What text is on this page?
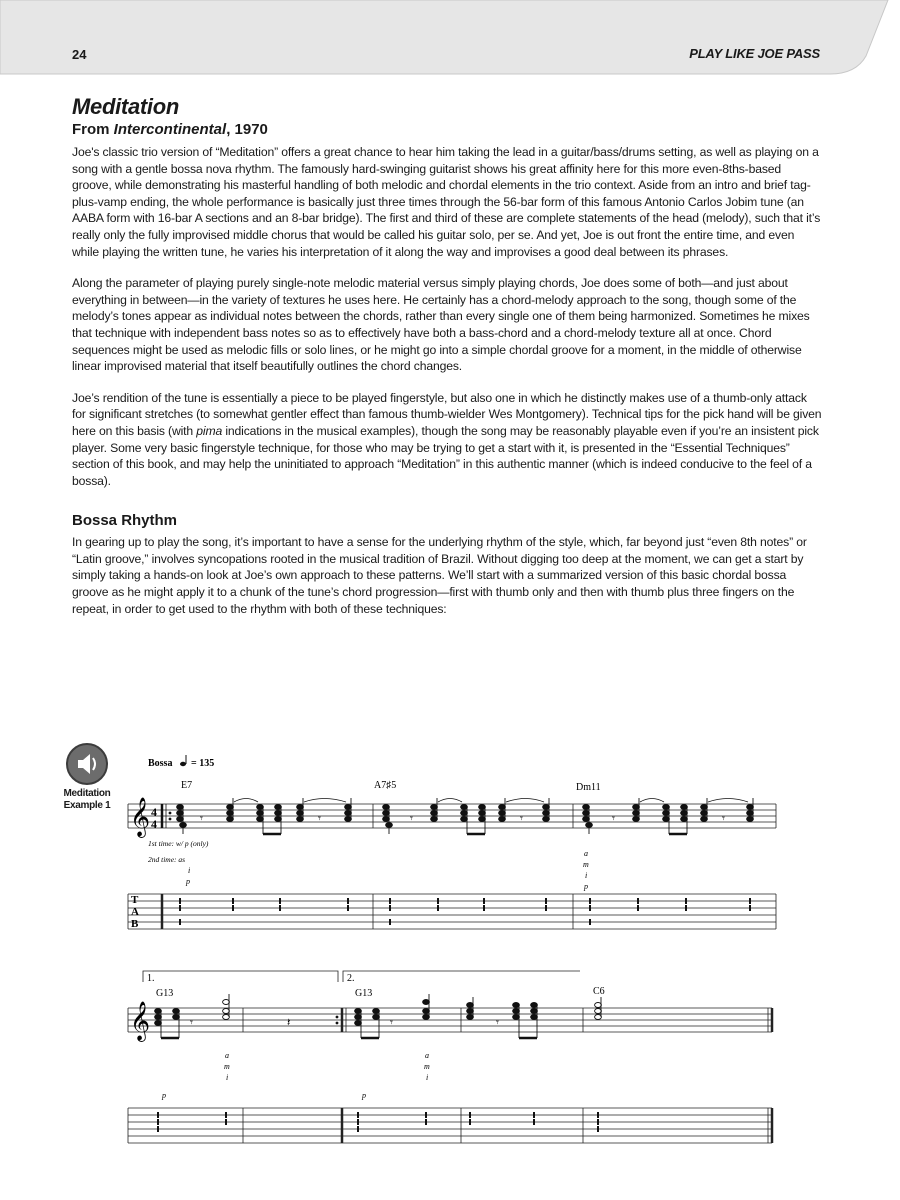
24	PLAY LIKE JOE PASS
Meditation
From Intercontinental, 1970

Joe's classic trio version of “Meditation” offers a great chance to hear him taking the lead in a guitar/bass/drums setting, as well as playing on a song with a gentle bossa nova rhythm. The famously hard-swinging guitarist shows his great affinity here for this more even-8ths-based groove, while demonstrating his masterful handling of both melodic and chordal elements in the trio context. Aside from an intro and brief tag-plus-vamp ending, the whole performance is basically just three times through the 56-bar form of this famous Antonio Carlos Jobim tune (an AABA form with 16-bar A sections and an 8-bar bridge). The first and third of these are complete statements of the head (melody), such that it’s really only the fully improvised middle chorus that would be called his guitar solo, per se. And yet, Joe is out front the entire time, and even while playing the written tune, he varies his interpretation of it along the way and improvises a good deal between its phrases.

Along the parameter of playing purely single-note melodic material versus simply playing chords, Joe does some of both—and just about everything in between—in the variety of textures he uses here. He certainly has a chord-melody approach to the song, though some of the melody’s tones appear as individual notes between the chords, rather than every single one of them being harmonized. Sometimes he mixes that technique with independent bass notes so as to effectively have both a bass-chord and a chord-melody texture all at once. Chord sequences might be used as melodic fills or solo lines, or he might go into a simple chordal groove for a moment, in the middle of otherwise linear improvised material that itself beautifully outlines the chord changes.

Joe’s rendition of the tune is essentially a piece to be played fingerstyle, but also one in which he distinctly makes use of a thumb-only attack for significant stretches (to somewhat gentler effect than famous thumb-wielder Wes Montgomery). Technical tips for the pick hand will be given here on this basis (with pima indications in the musical examples), though the song may be reasonably playable even if you’re an insistent pick player. Some very basic fingerstyle technique, for those who may be trying to get a start with it, is presented in the “Essential Techniques” section of this book, and may help the uninitiated to approach “Meditation” in this authentic manner (which is indeed conducive to the feel of a bossa).

Bossa Rhythm

In gearing up to play the song, it’s important to have a sense for the underlying rhythm of the style, which, far beyond just “even 8th notes” or “Latin groove,” involves syncopations rooted in the musical tradition of Brazil. Without digging too deep at the moment, we can get a start by simply taking a hands-on look at Joe’s own approach to these patterns. We’ll start with a summarized version of this basic chordal bossa groove as he might apply it to a chunk of the tune’s chord progression—first with thumb only and then with thumb plus three fingers on the repeat, in order to get used to the rhythm with both of these techniques:

Meditation
Example 1
Bossa = 135
E7	A7♯5	Dm11
𝄞 4
4	𝄾	𝄾	𝄾	𝄾	𝄾	𝄾
1st time: w/ p (only)
2nd time: as
i
p
a
m
i
p
T
A
B
1.	2.
G13	G13	C6
𝄞	𝄾	𝄽	𝄾	𝄾
a
m
i
p
a
m
i
p
